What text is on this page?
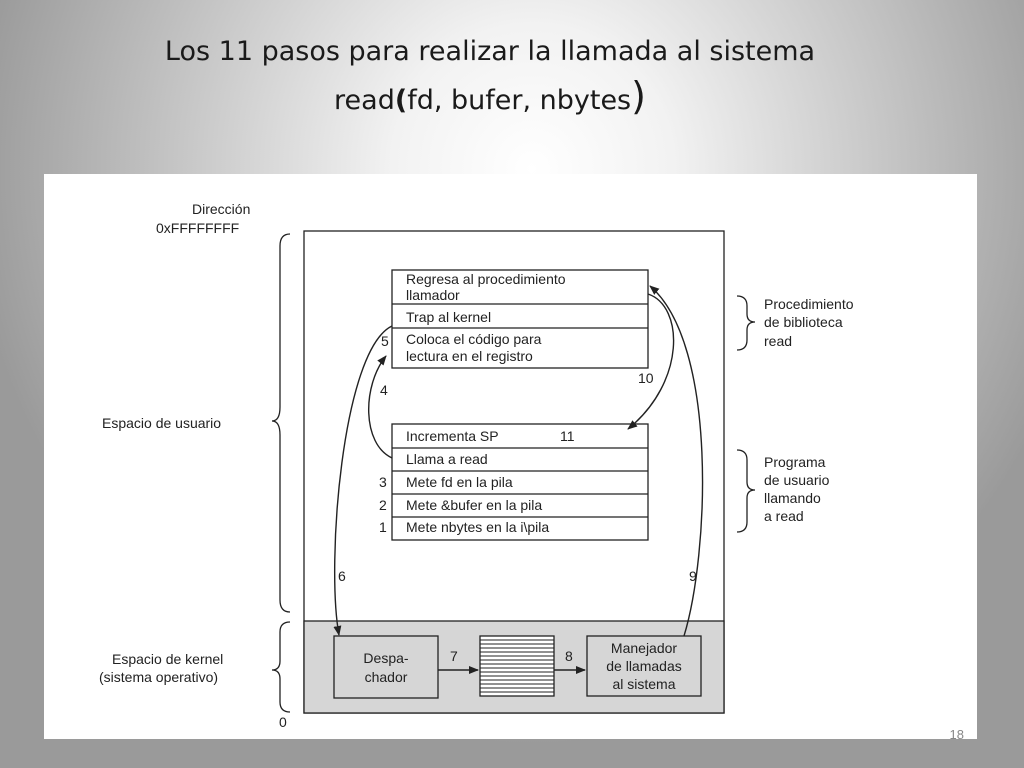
Los 11 pasos para realizar la llamada al sistema
read(fd, bufer, nbytes)
Dirección
0xFFFFFFFF
0
Espacio de usuario
Espacio de kernel
(sistema operativo)
Regresa al procedimiento
llamador
Trap al kernel
Coloca el código para
lectura en el registro
Incrementa SP
Llama a read
Mete fd en la pila
Mete &bufer en la pila
Mete nbytes en la i\pila
Procedimiento
de biblioteca
read
Programa
de usuario
llamando
a read
Despa-
chador
Manejador
de llamadas
al sistema
1
2
3
4
5
6
7	8
9
10
11
18
